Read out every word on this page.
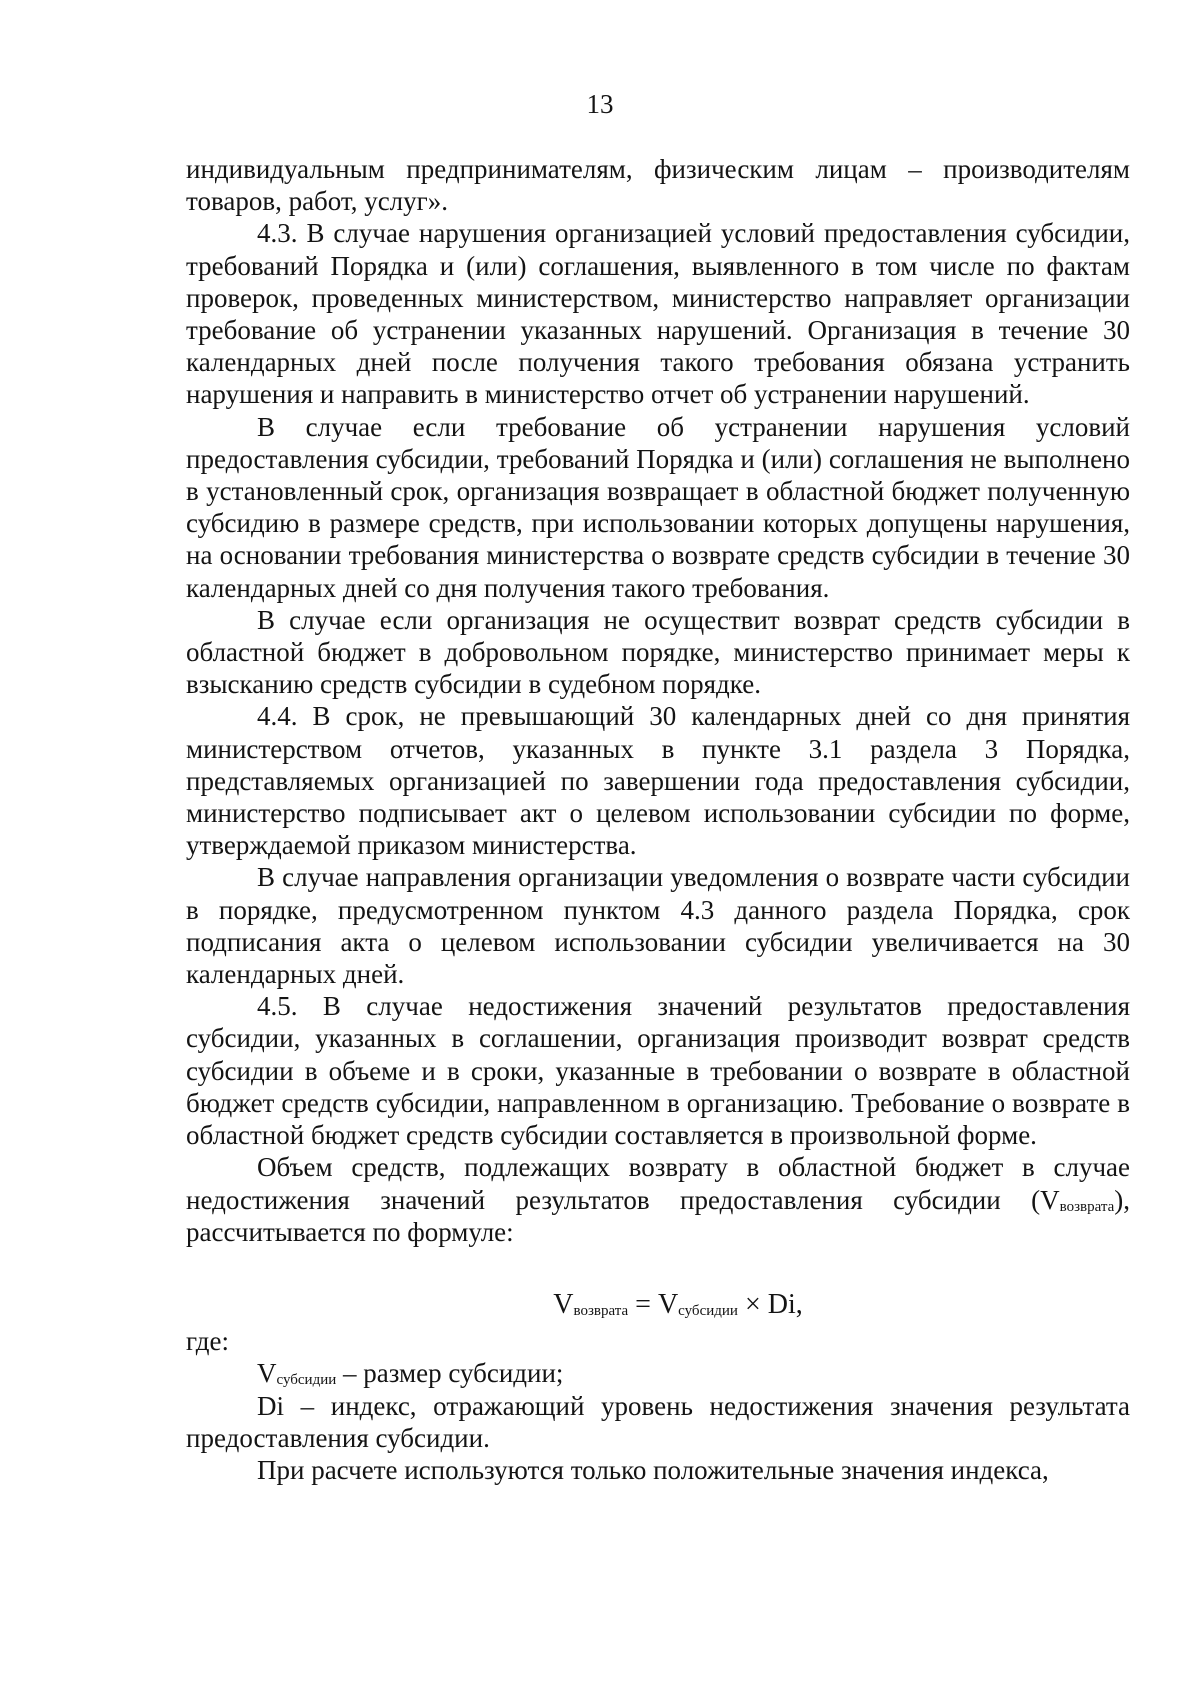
13

индивидуальным предпринимателям, физическим лицам – производителям товаров, работ, услуг».

4.3. В случае нарушения организацией условий предоставления субсидии, требований Порядка и (или) соглашения, выявленного в том числе по фактам проверок, проведенных министерством, министерство направляет организации требование об устранении указанных нарушений. Организация в течение 30 календарных дней после получения такого требования обязана устранить нарушения и направить в министерство отчет об устранении нарушений.

В случае если требование об устранении нарушения условий предоставления субсидии, требований Порядка и (или) соглашения не выполнено в установленный срок, организация возвращает в областной бюджет полученную субсидию в размере средств, при использовании которых допущены нарушения, на основании требования министерства о возврате средств субсидии в течение 30 календарных дней со дня получения такого требования.

В случае если организация не осуществит возврат средств субсидии в областной бюджет в добровольном порядке, министерство принимает меры к взысканию средств субсидии в судебном порядке.

4.4. В срок, не превышающий 30 календарных дней со дня принятия министерством отчетов, указанных в пункте 3.1 раздела 3 Порядка, представляемых организацией по завершении года предоставления субсидии, министерство подписывает акт о целевом использовании субсидии по форме, утверждаемой приказом министерства.

В случае направления организации уведомления о возврате части субсидии в порядке, предусмотренном пунктом 4.3 данного раздела Порядка, срок подписания акта о целевом использовании субсидии увеличивается на 30 календарных дней.

4.5. В случае недостижения значений результатов предоставления субсидии, указанных в соглашении, организация производит возврат средств субсидии в объеме и в сроки, указанные в требовании о возврате в областной бюджет средств субсидии, направленном в организацию. Требование о возврате в областной бюджет средств субсидии составляется в произвольной форме.

Объем средств, подлежащих возврату в областной бюджет в случае недостижения значений результатов предоставления субсидии (Vвозврата), рассчитывается по формуле:

Vвозврата = Vсубсидии × Di,

где:

Vсубсидии – размер субсидии;

Di – индекс, отражающий уровень недостижения значения результата предоставления субсидии.

При расчете используются только положительные значения индекса,
